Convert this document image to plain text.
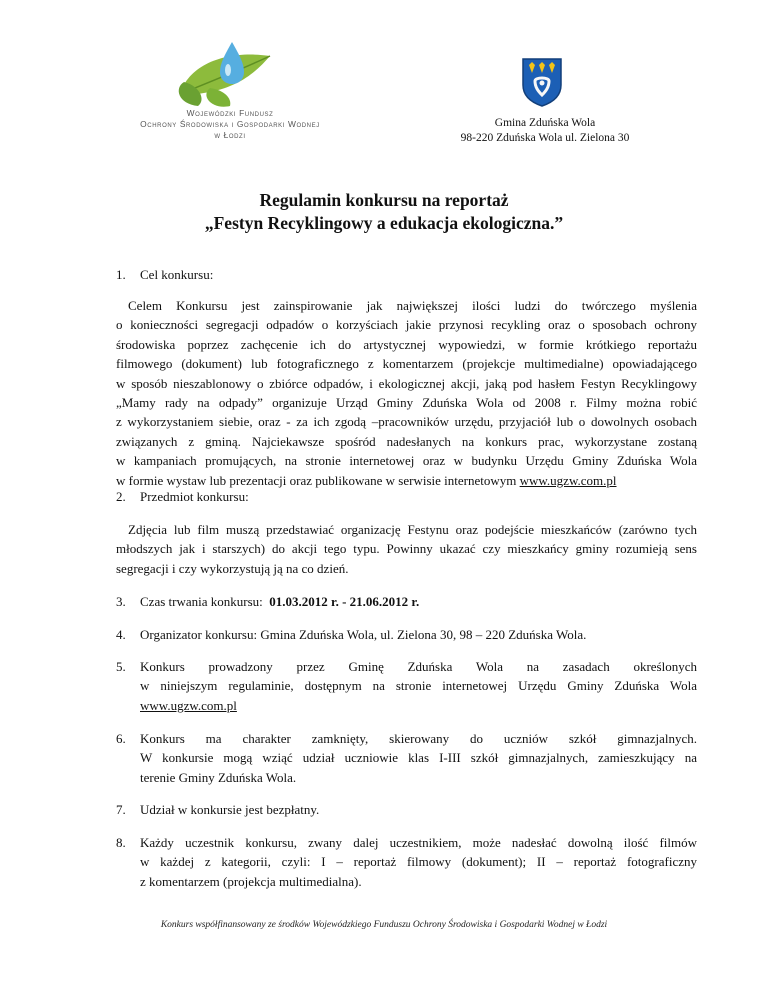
Wojewódzki Fundusz
Ochrony Środowiska i Gospodarki Wodnej
w Łodzi
Gmina Zduńska Wola
98-220 Zduńska Wola ul. Zielona 30
Regulamin konkursu na reportaż
„Festyn Recyklingowy a edukacja ekologiczna.”
1. Cel konkursu:
Celem Konkursu jest zainspirowanie jak największej ilości ludzi do twórczego myślenia
o konieczności segregacji odpadów o korzyściach jakie przynosi recykling oraz o sposobach ochrony
środowiska poprzez zachęcenie ich do artystycznej wypowiedzi, w formie krótkiego reportażu
filmowego (dokument) lub fotograficznego z komentarzem (projekcje multimedialne) opowiadającego
w sposób nieszablonowy o zbiórce odpadów, i ekologicznej akcji, jaką pod hasłem Festyn Recyklingowy
„Mamy rady na odpady” organizuje Urząd Gminy Zduńska Wola od 2008 r. Filmy można robić
z wykorzystaniem siebie, oraz - za ich zgodą –pracowników urzędu, przyjaciół lub o dowolnych osobach
związanych z gminą. Najciekawsze spośród nadesłanych na konkurs prac, wykorzystane zostaną
w kampaniach promujących, na stronie internetowej oraz w budynku Urzędu Gminy Zduńska Wola
w formie wystaw lub prezentacji oraz publikowane w serwisie internetowym www.ugzw.com.pl
2. Przedmiot konkursu:
Zdjęcia lub film muszą przedstawiać organizację Festynu oraz podejście mieszkańców (zarówno tych
młodszych jak i starszych) do akcji tego typu. Powinny ukazać czy mieszkańcy gminy rozumieją sens
segregacji i czy wykorzystują ją na co dzień.
3. Czas trwania konkursu: 01.03.2012 r. - 21.06.2012 r.
4. Organizator konkursu: Gmina Zduńska Wola, ul. Zielona 30, 98 – 220 Zduńska Wola.
5. Konkurs prowadzony przez Gminę Zduńska Wola na zasadach określonych
w niniejszym regulaminie, dostępnym na stronie internetowej Urzędu Gminy Zduńska Wola
www.ugzw.com.pl
6. Konkurs ma charakter zamknięty, skierowany do uczniów szkół gimnazjalnych.
W konkursie mogą wziąć udział uczniowie klas I-III szkół gimnazjalnych, zamieszkujący na
terenie Gminy Zduńska Wola.
7. Udział w konkursie jest bezpłatny.
8. Każdy uczestnik konkursu, zwany dalej uczestnikiem, może nadesłać dowolną ilość filmów
w każdej z kategorii, czyli: I – reportaż filmowy (dokument); II – reportaż fotograficzny
z komentarzem (projekcja multimedialna).
Konkurs współfinansowany ze środków Wojewódzkiego Funduszu Ochrony Środowiska i Gospodarki Wodnej w Łodzi
